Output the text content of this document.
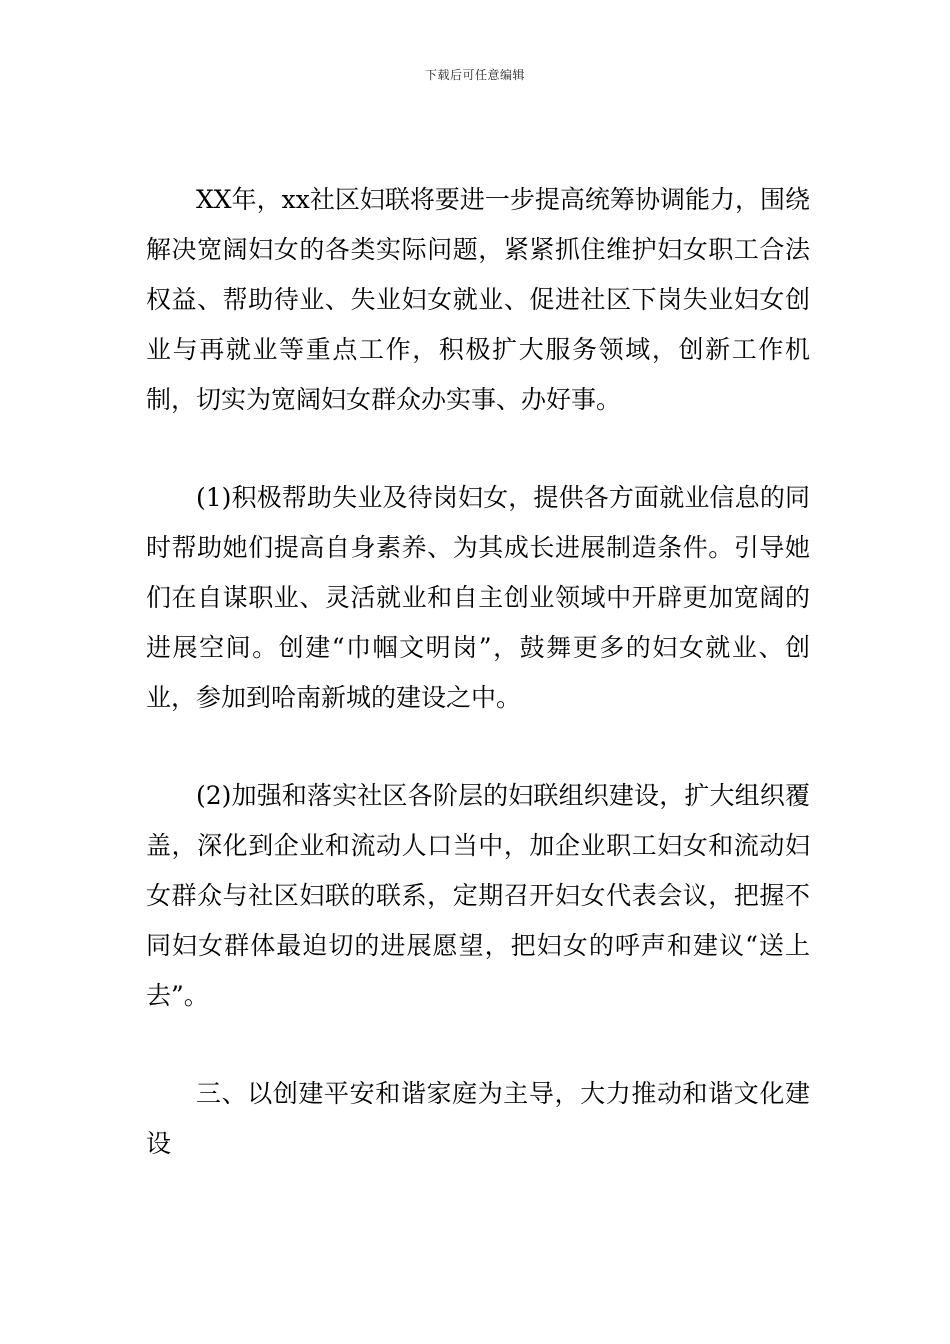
下载后可任意编辑

XX年，xx社区妇联将要进一步提高统筹协调能力，围绕解决宽阔妇女的各类实际问题，紧紧抓住维护妇女职工合法权益、帮助待业、失业妇女就业、促进社区下岗失业妇女创业与再就业等重点工作，积极扩大服务领域，创新工作机制，切实为宽阔妇女群众办实事、办好事。

(1)积极帮助失业及待岗妇女，提供各方面就业信息的同时帮助她们提高自身素养、为其成长进展制造条件。引导她们在自谋职业、灵活就业和自主创业领域中开辟更加宽阔的进展空间。创建“巾帼文明岗”，鼓舞更多的妇女就业、创业，参加到哈南新城的建设之中。

(2)加强和落实社区各阶层的妇联组织建设，扩大组织覆盖，深化到企业和流动人口当中，加企业职工妇女和流动妇女群众与社区妇联的联系，定期召开妇女代表会议，把握不同妇女群体最迫切的进展愿望，把妇女的呼声和建议“送上去”。

三、以创建平安和谐家庭为主导，大力推动和谐文化建设
